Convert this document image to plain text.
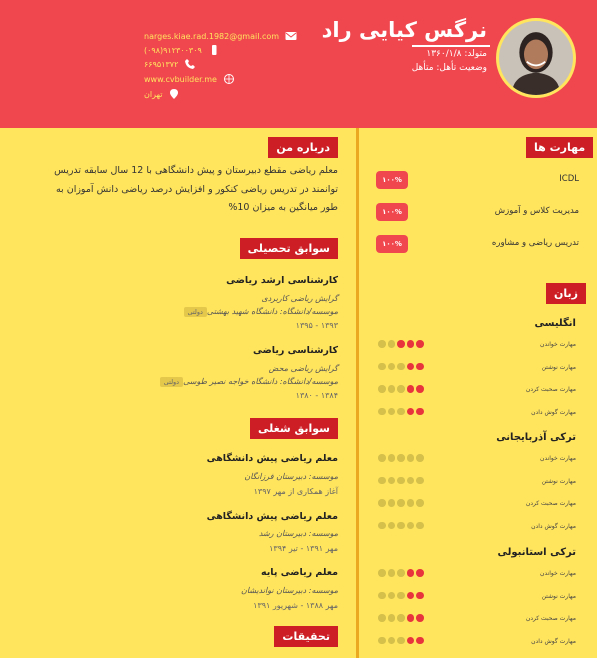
نرگس کیایی راد
متولد: ۱۳۶۰/۱/۸
وضعیت تأهل: متأهل
narges.kiae.rad.1982@gmail.com
(۰۹۸)۹۱۲۳۰۰۳۰۹
۶۶۹۵۱۳۷۲
www.cvbuilder.me
تهران
درباره من
معلم ریاضی مقطع دبیرستان و پیش دانشگاهی با 12 سال سابقه تدریس توانمند در تدریس ریاضی کنکور و افزایش درصد ریاضی دانش آموزان به طور میانگین به میزان 10%
سوابق تحصیلی
کارشناسی ارشد ریاضی
گرایش ریاضی کاربردی
موسسه/دانشگاه: دانشگاه شهید بهشتیدولتی
۱۳۹۳ - ۱۳۹۵
کارشناسی ریاضی
گرایش ریاضی محض
موسسه/دانشگاه: دانشگاه خواجه نصیر طوسیدولتی
۱۳۸۴ - ۱۳۸۰
سوابق شغلی
معلم ریاضی پیش دانشگاهی
موسسه: دبیرستان فرزانگان
آغاز همکاری از مهر ۱۳۹۷
معلم ریاضی پیش دانشگاهی
موسسه: دبیرستان رشد
مهر ۱۳۹۱ - تیر ۱۳۹۴
معلم ریاضی پایه
موسسه: دبیرستان نواندیشان
مهر ۱۳۸۸ - شهریور ۱۳۹۱
تحقیقات
مهارت ها
ICDL
۱۰۰%
مدیریت کلاس و آموزش
۱۰۰%
تدریس ریاضی و مشاوره
۱۰۰%
زبان
انگلیسی
مهارت خواندن
مهارت نوشتن
مهارت صحبت کردن
مهارت گوش دادن
ترکی آذربایجانی
مهارت خواندن
مهارت نوشتن
مهارت صحبت کردن
مهارت گوش دادن
ترکی استانبولی
مهارت خواندن
مهارت نوشتن
مهارت صحبت کردن
مهارت گوش دادن
